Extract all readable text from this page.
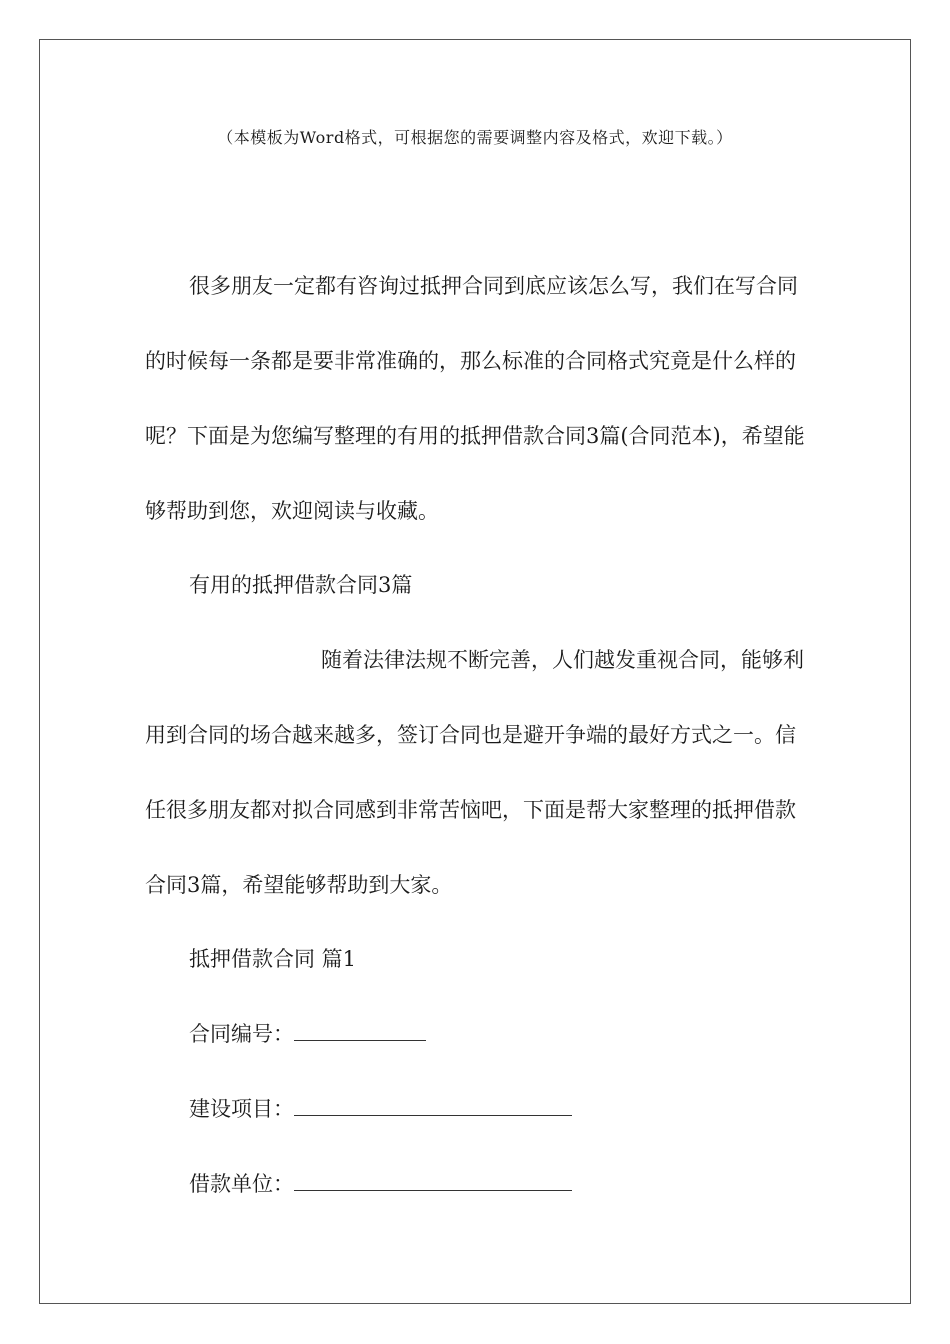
（本模板为Word格式，可根据您的需要调整内容及格式，欢迎下载。）

很多朋友一定都有咨询过抵押合同到底应该怎么写，我们在写合同的时候每一条都是要非常准确的，那么标准的合同格式究竟是什么样的呢？下面是为您编写整理的有用的抵押借款合同3篇(合同范本)，希望能够帮助到您，欢迎阅读与收藏。

有用的抵押借款合同3篇

随着法律法规不断完善，人们越发重视合同，能够利用到合同的场合越来越多，签订合同也是避开争端的最好方式之一。信任很多朋友都对拟合同感到非常苦恼吧，下面是帮大家整理的抵押借款合同3篇，希望能够帮助到大家。

抵押借款合同 篇1
合同编号：
建设项目：
借款单位：
